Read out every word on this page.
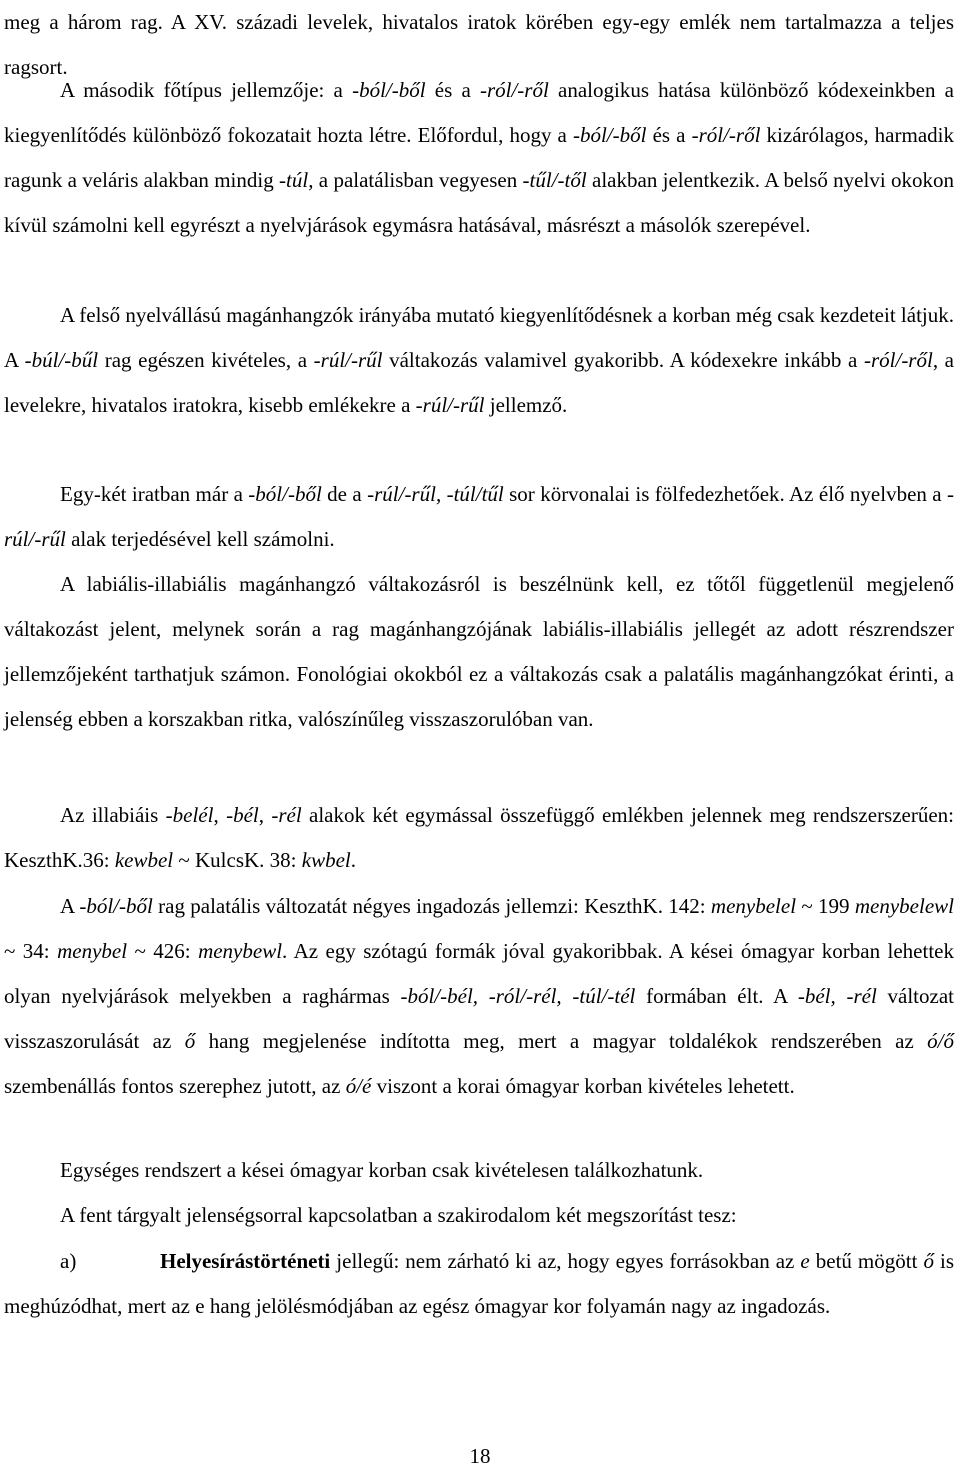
meg a három rag. A XV. századi levelek, hivatalos iratok körében egy-egy emlék nem tartalmazza a teljes ragsort.

A második főtípus jellemzője: a -ból/-ből és a -ról/-ről analogikus hatása különböző kódexeinkben a kiegyenlítődés különböző fokozatait hozta létre. Előfordul, hogy a -ból/-ből és a -ról/-ről kizárólagos, harmadik ragunk a veláris alakban mindig -túl, a palatálisban vegyesen -tűl/-től alakban jelentkezik. A belső nyelvi okokon kívül számolni kell egyrészt a nyelvjárások egymásra hatásával, másrészt a másolók szerepével.

A felső nyelvállású magánhangzók irányába mutató kiegyenlítődésnek a korban még csak kezdeteit látjuk. A -búl/-bűl rag egészen kivételes, a -rúl/-rűl váltakozás valamivel gyakoribb. A kódexekre inkább a -ról/-ről, a levelekre, hivatalos iratokra, kisebb emlékekre a -rúl/-rűl jellemző.

Egy-két iratban már a -ból/-ből de a -rúl/-rűl, -túl/tűl sor körvonalai is fölfedezhetőek. Az élő nyelvben a -rúl/-rűl alak terjedésével kell számolni.

A labiális-illabiális magánhangzó váltakozásról is beszélnünk kell, ez tőtől függetlenül megjelenő váltakozást jelent, melynek során a rag magánhangzójának labiális-illabiális jellegét az adott részrendszer jellemzőjeként tarthatjuk számon. Fonológiai okokból ez a váltakozás csak a palatális magánhangzókat érinti, a jelenség ebben a korszakban ritka, valószínűleg visszaszorulóban van.

Az illabiáis -belél, -bél, -rél alakok két egymással összefüggő emlékben jelennek meg rendszerszerűen: KeszthK.36: kewbel ~ KulcsK. 38: kwbel.

A -ból/-ből rag palatális változatát négyes ingadozás jellemzi: KeszthK. 142: menybelel ~ 199 menybelewl ~ 34: menybel ~ 426: menybewl. Az egy szótagú formák jóval gyakoribbak. A kései ómagyar korban lehettek olyan nyelvjárások melyekben a raghármas -ból/-bél, -ról/-rél, -túl/-tél formában élt. A -bél, -rél változat visszaszorulását az ő hang megjelenése indította meg, mert a magyar toldalékok rendszerében az ó/ő szembenállás fontos szerephez jutott, az ó/é viszont a korai ómagyar korban kivételes lehetett.

Egységes rendszert a kései ómagyar korban csak kivételesen találkozhatunk.

A fent tárgyalt jelenségsorral kapcsolatban a szakirodalom két megszorítást tesz:

a)	Helyesírástörténeti jellegű: nem zárható ki az, hogy egyes forrásokban az e betű mögött ő is meghúzódhat, mert az e hang jelölésmódjában az egész ómagyar kor folyamán nagy az ingadozás.

18
